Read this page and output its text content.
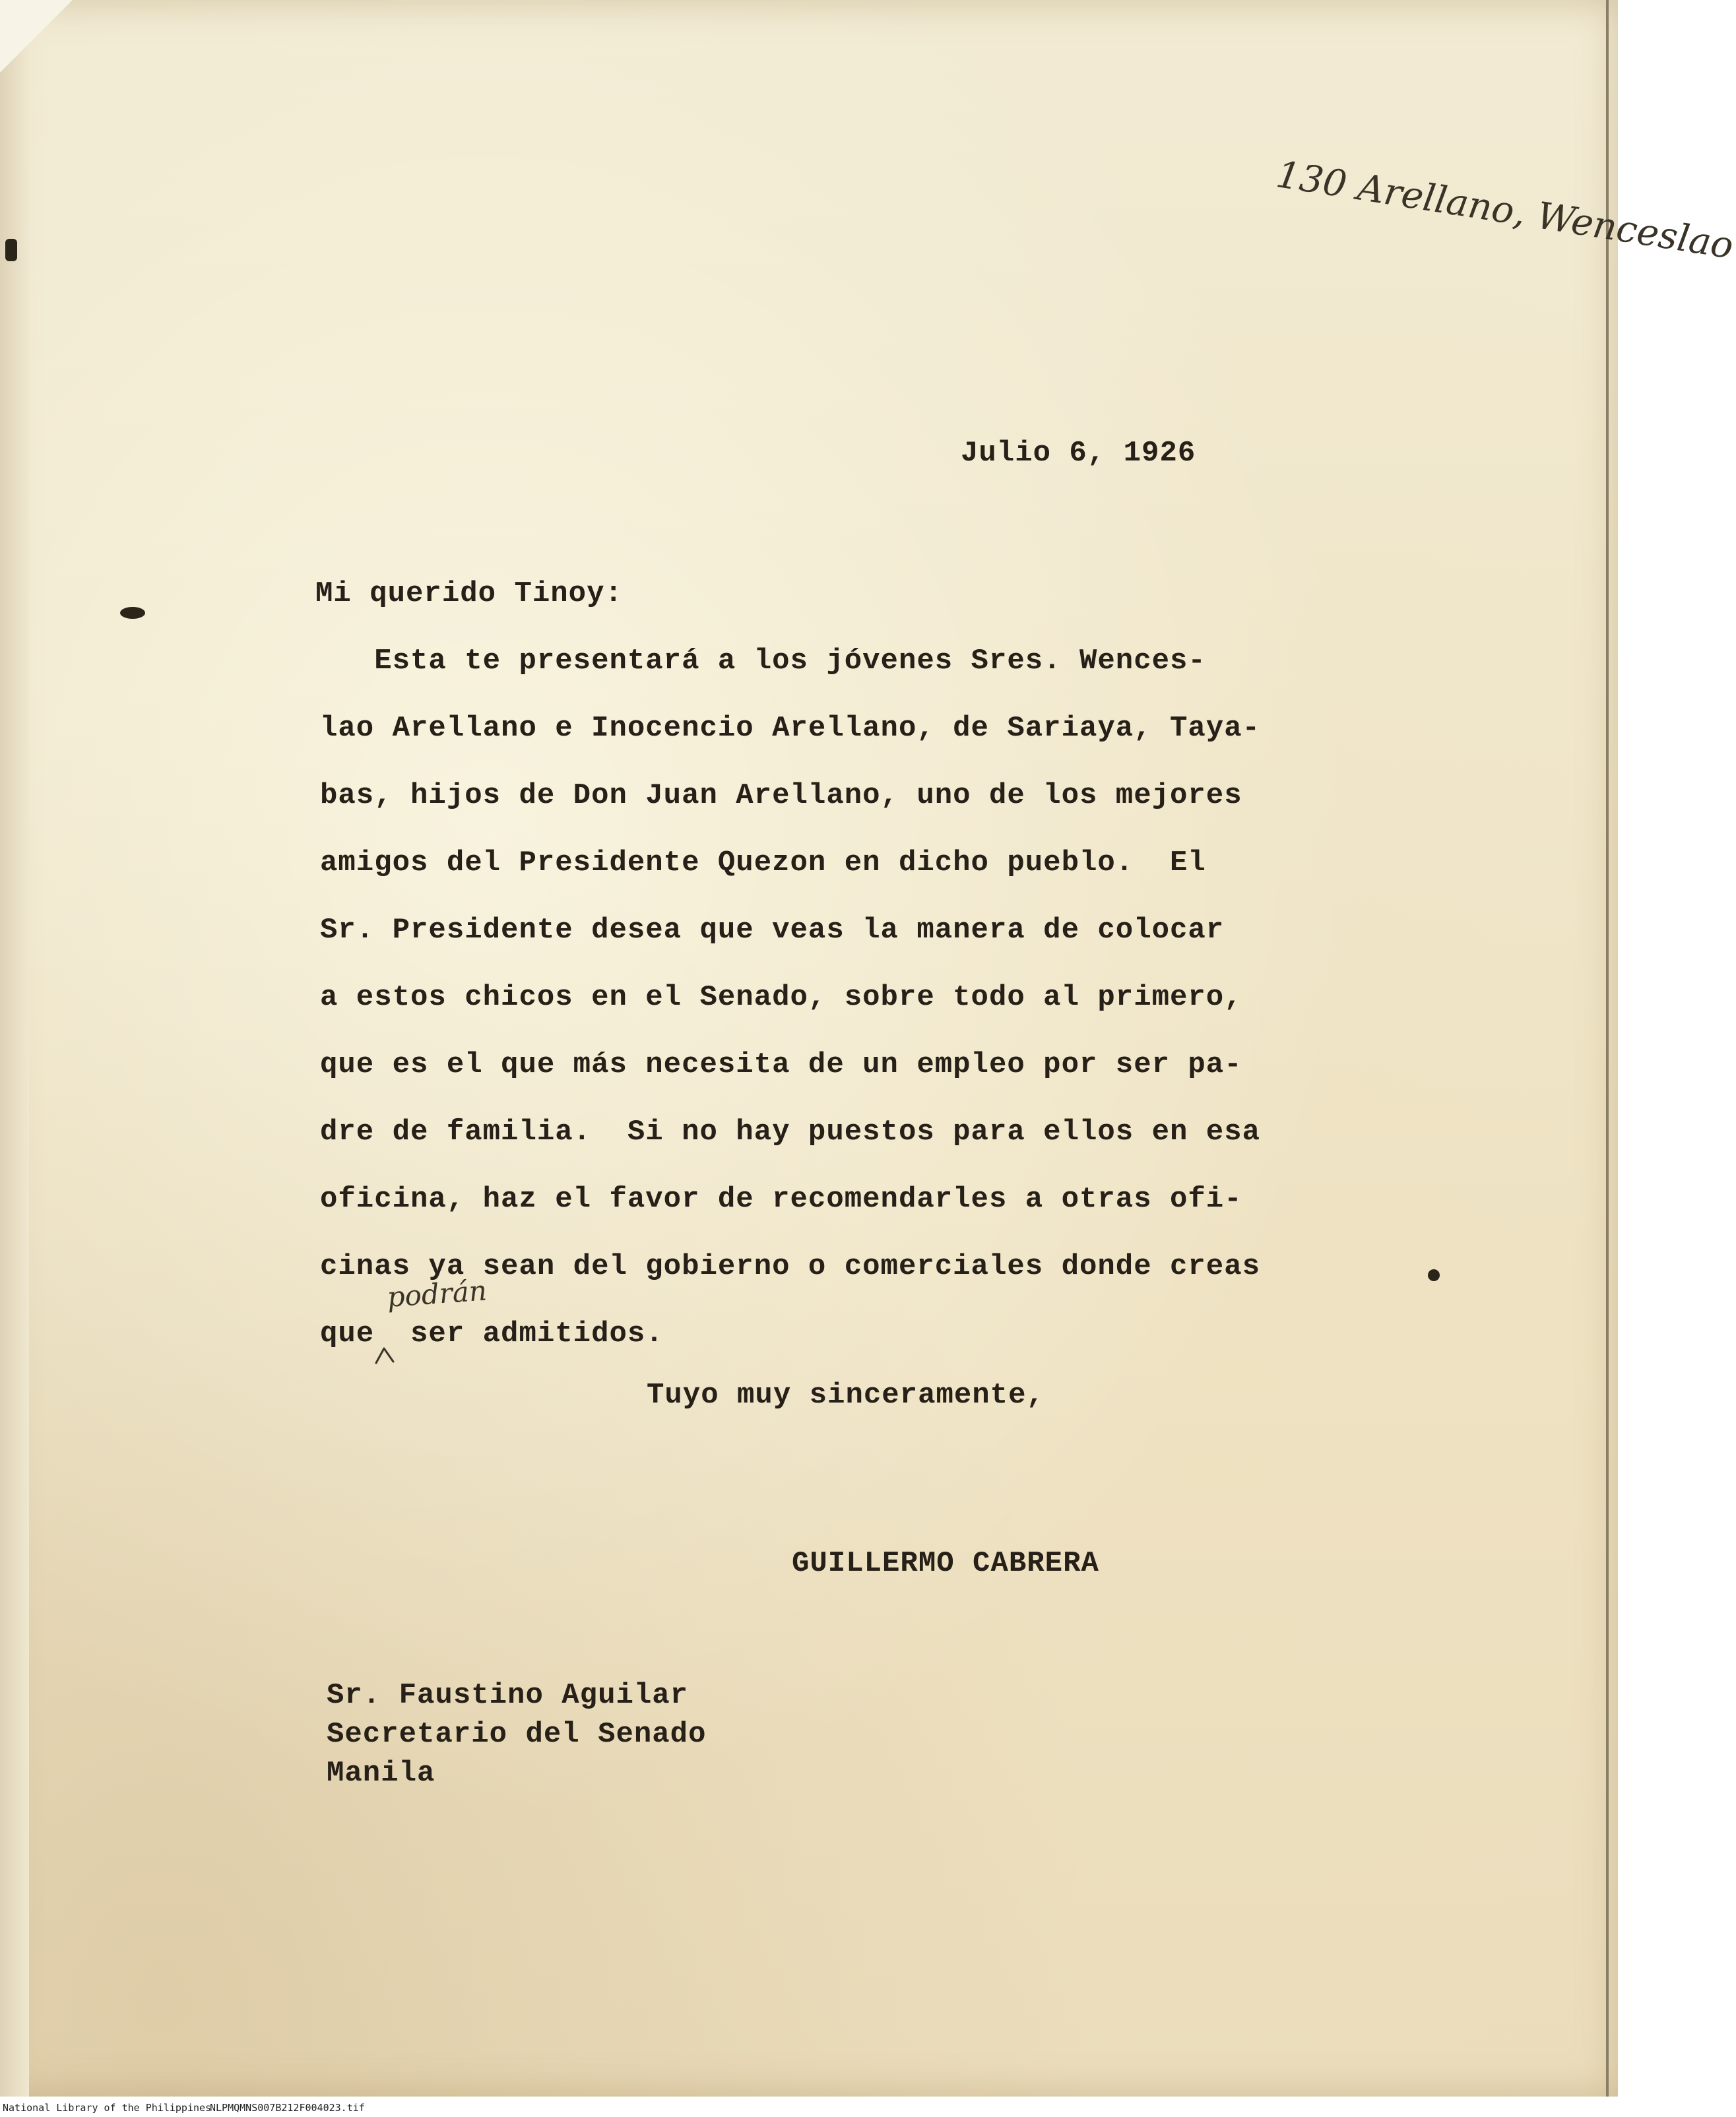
130 Arellano, Wenceslao

Julio 6, 1926

Mi querido Tinoy:

Esta te presentará a los jóvenes Sres. Wences-
lao Arellano e Inocencio Arellano, de Sariaya, Taya-
bas, hijos de Don Juan Arellano, uno de los mejores
amigos del Presidente Quezon en dicho pueblo.  El
Sr. Presidente desea que veas la manera de colocar
a estos chicos en el Senado, sobre todo al primero,
que es el que más necesita de un empleo por ser pa-
dre de familia.  Si no hay puestos para ellos en esa
oficina, haz el favor de recomendarles a otras ofi-
cinas ya sean del gobierno o comerciales donde creas
que  ser admitidos.

podrán

Tuyo muy sinceramente,

GUILLERMO CABRERA

Sr. Faustino Aguilar

Secretario del Senado

Manila

National Library of the Philippines
NLPMQMNS007B212F004023.tif
